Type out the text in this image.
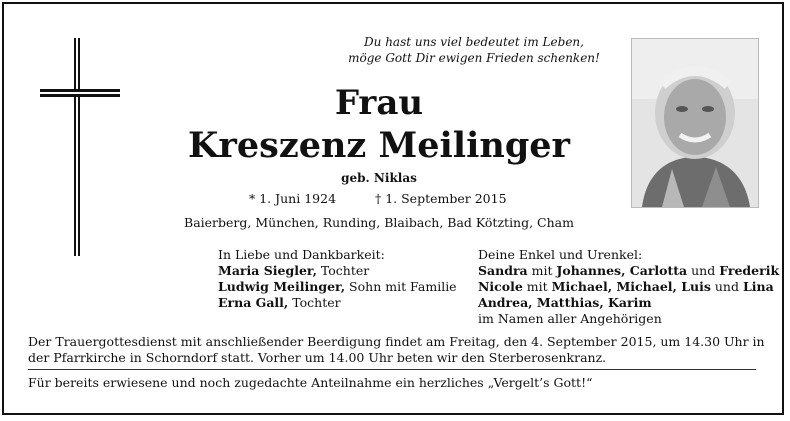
Du hast uns viel bedeutet im Leben,
möge Gott Dir ewigen Frieden schenken!
Frau
Kreszenz Meilinger
geb. Niklas
* 1. Juni 1924	† 1. September 2015
Baierberg, München, Runding, Blaibach, Bad Kötzting, Cham
In Liebe und Dankbarkeit:
Maria Siegler, Tochter
Ludwig Meilinger, Sohn mit Familie
Erna Gall, Tochter
Deine Enkel und Urenkel:
Sandra mit Johannes, Carlotta und Frederik
Nicole mit Michael, Michael, Luis und Lina
Andrea, Matthias, Karim
im Namen aller Angehörigen
Der Trauergottesdienst mit anschließender Beerdigung findet am Freitag, den 4. September 2015, um 14.30 Uhr in
der Pfarrkirche in Schorndorf statt. Vorher um 14.00 Uhr beten wir den Sterberosenkranz.
Für bereits erwiesene und noch zugedachte Anteilnahme ein herzliches „Vergelt’s Gott!“
